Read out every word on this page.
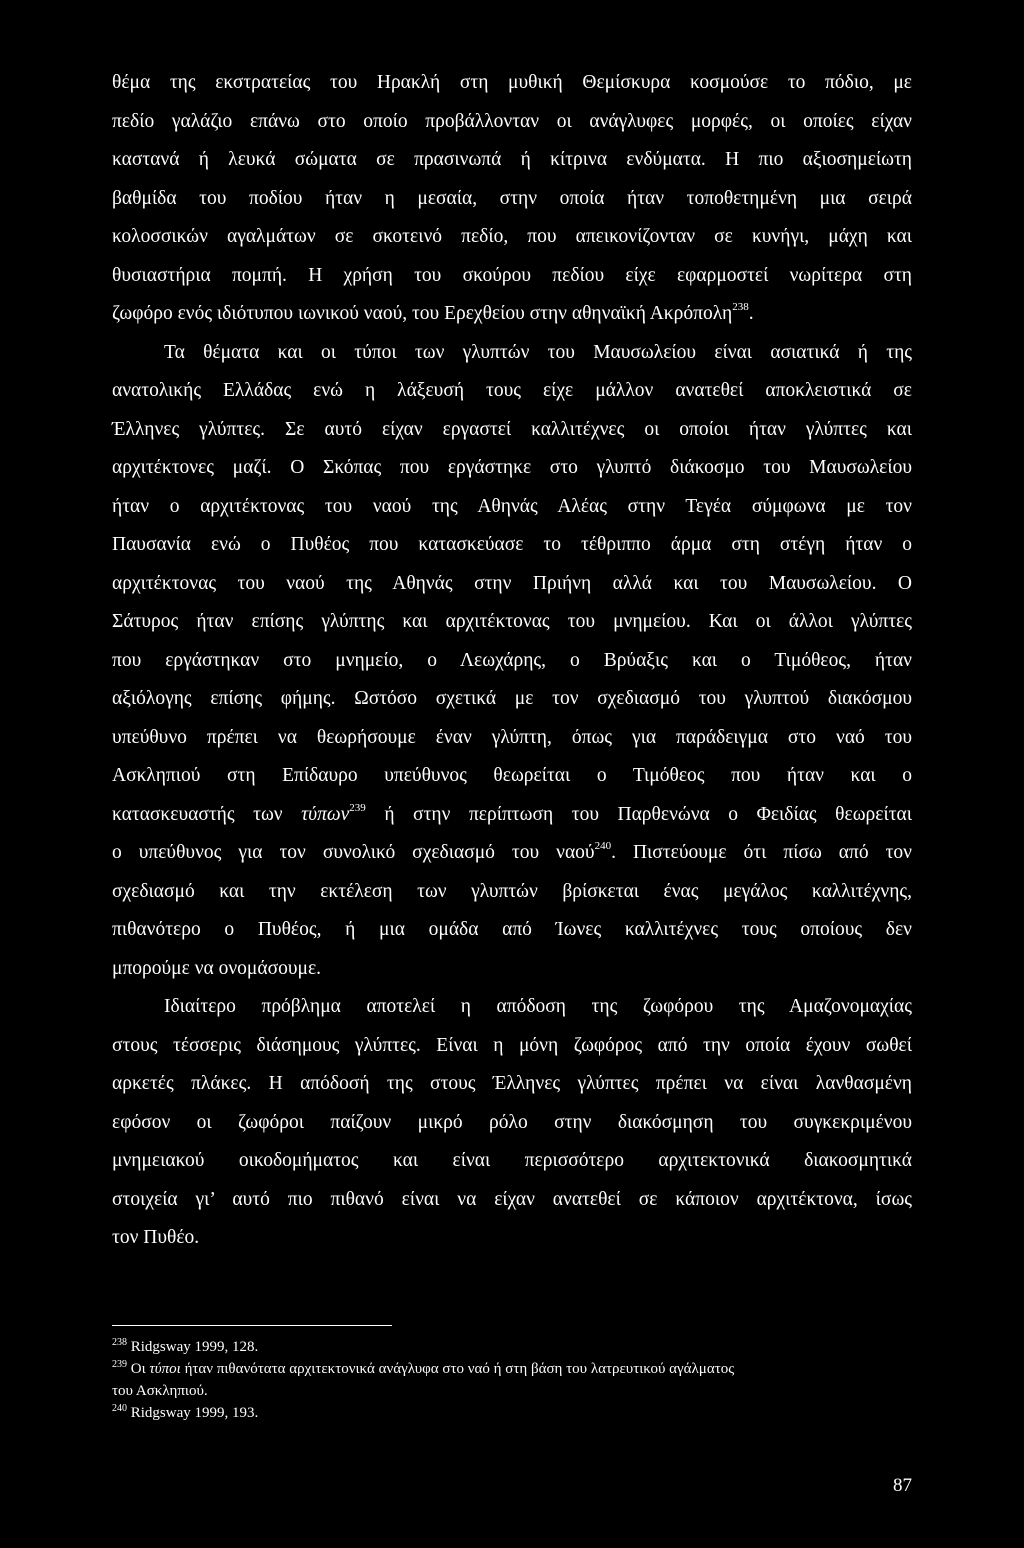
θέμα της εκστρατείας του Ηρακλή στη μυθική Θεμίσκυρα κοσμούσε το πόδιο, με
πεδίο γαλάζιο επάνω στο οποίο προβάλλονταν οι ανάγλυφες μορφές, οι οποίες είχαν
καστανά ή λευκά σώματα σε πρασινωπά ή κίτρινα ενδύματα. Η πιο αξιοσημείωτη
βαθμίδα του ποδίου ήταν η μεσαία, στην οποία ήταν τοποθετημένη μια σειρά
κολοσσικών αγαλμάτων σε σκοτεινό πεδίο, που απεικονίζονταν σε κυνήγι, μάχη και
θυσιαστήρια πομπή. Η χρήση του σκούρου πεδίου είχε εφαρμοστεί νωρίτερα στη
ζωφόρο ενός ιδιότυπου ιωνικού ναού, του Ερεχθείου στην αθηναϊκή Ακρόπολη$^{238}$.
Τα θέματα και οι τύποι των γλυπτών του Μαυσωλείου είναι ασιατικά ή της
ανατολικής Ελλάδας ενώ η λάξευσή τους είχε μάλλον ανατεθεί αποκλειστικά σε
Έλληνες γλύπτες. Σε αυτό είχαν εργαστεί καλλιτέχνες οι οποίοι ήταν γλύπτες και
αρχιτέκτονες μαζί. Ο Σκόπας που εργάστηκε στο γλυπτό διάκοσμο του Μαυσωλείου
ήταν ο αρχιτέκτονας του ναού της Αθηνάς Αλέας στην Τεγέα σύμφωνα με τον
Παυσανία ενώ ο Πυθέος που κατασκεύασε το τέθριππο άρμα στη στέγη ήταν ο
αρχιτέκτονας του ναού της Αθηνάς στην Πριήνη αλλά και του Μαυσωλείου. Ο
Σάτυρος ήταν επίσης γλύπτης και αρχιτέκτονας του μνημείου. Και οι άλλοι γλύπτες
που εργάστηκαν στο μνημείο, ο Λεωχάρης, ο Βρύαξις και ο Τιμόθεος, ήταν
αξιόλογης επίσης φήμης. Ωστόσο σχετικά με τον σχεδιασμό του γλυπτού διακόσμου
υπεύθυνο πρέπει να θεωρήσουμε έναν γλύπτη, όπως για παράδειγμα στο ναό του
Ασκληπιού στη Επίδαυρο υπεύθυνος θεωρείται ο Τιμόθεος που ήταν και ο
κατασκευαστής των τύπων$^{239}$ ή στην περίπτωση του Παρθενώνα ο Φειδίας θεωρείται
ο υπεύθυνος για τον συνολικό σχεδιασμό του ναού$^{240}$. Πιστεύουμε ότι πίσω από τον
σχεδιασμό και την εκτέλεση των γλυπτών βρίσκεται ένας μεγάλος καλλιτέχνης,
πιθανότερο ο Πυθέος, ή μια ομάδα από Ίωνες καλλιτέχνες τους οποίους δεν
μπορούμε να ονομάσουμε.
Ιδιαίτερο πρόβλημα αποτελεί η απόδοση της ζωφόρου της Αμαζονομαχίας
στους τέσσερις διάσημους γλύπτες. Είναι η μόνη ζωφόρος από την οποία έχουν σωθεί
αρκετές πλάκες. Η απόδοσή της στους Έλληνες γλύπτες πρέπει να είναι λανθασμένη
εφόσον οι ζωφόροι παίζουν μικρό ρόλο στην διακόσμηση του συγκεκριμένου
μνημειακού οικοδομήματος και είναι περισσότερο αρχιτεκτονικά διακοσμητικά
στοιχεία γι’ αυτό πιο πιθανό είναι να είχαν ανατεθεί σε κάποιον αρχιτέκτονα, ίσως
τον Πυθέο.
$^{238}$ Ridgsway 1999, 128.
$^{239}$ Οι τύποι ήταν πιθανότατα αρχιτεκτονικά ανάγλυφα στο ναό ή στη βάση του λατρευτικού αγάλματος
του Ασκληπιού.
$^{240}$ Ridgsway 1999, 193.
87
